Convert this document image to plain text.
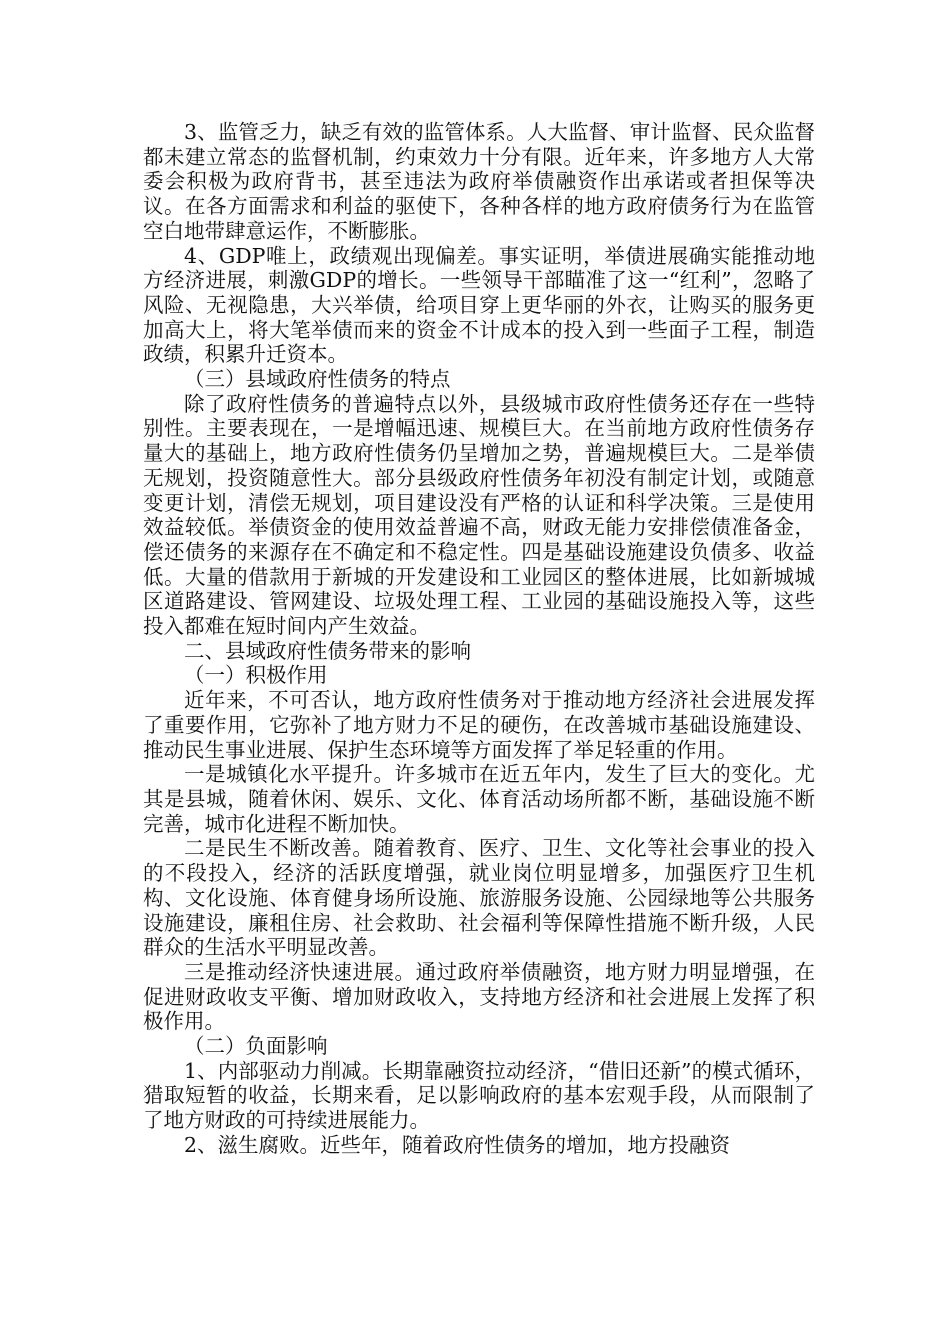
3、监管乏力，缺乏有效的监管体系。人大监督、审计监督、民众监督都未建立常态的监督机制，约束效力十分有限。近年来，许多地方人大常委会积极为政府背书，甚至违法为政府举债融资作出承诺或者担保等决议。在各方面需求和利益的驱使下，各种各样的地方政府债务行为在监管空白地带肆意运作，不断膨胀。

4、GDP唯上，政绩观出现偏差。事实证明，举债进展确实能推动地方经济进展，刺激GDP的增长。一些领导干部瞄准了这一“红利”，忽略了风险、无视隐患，大兴举债，给项目穿上更华丽的外衣，让购买的服务更加高大上，将大笔举债而来的资金不计成本的投入到一些面子工程，制造政绩，积累升迁资本。

（三）县域政府性债务的特点

除了政府性债务的普遍特点以外，县级城市政府性债务还存在一些特别性。主要表现在，一是增幅迅速、规模巨大。在当前地方政府性债务存量大的基础上，地方政府性债务仍呈增加之势，普遍规模巨大。二是举债无规划，投资随意性大。部分县级政府性债务年初没有制定计划，或随意变更计划，清偿无规划，项目建设没有严格的认证和科学决策。三是使用效益较低。举债资金的使用效益普遍不高，财政无能力安排偿债准备金，偿还债务的来源存在不确定和不稳定性。四是基础设施建设负债多、收益低。大量的借款用于新城的开发建设和工业园区的整体进展，比如新城城区道路建设、管网建设、垃圾处理工程、工业园的基础设施投入等，这些投入都难在短时间内产生效益。

二、县域政府性债务带来的影响

（一）积极作用

近年来，不可否认，地方政府性债务对于推动地方经济社会进展发挥了重要作用，它弥补了地方财力不足的硬伤，在改善城市基础设施建设、推动民生事业进展、保护生态环境等方面发挥了举足轻重的作用。

一是城镇化水平提升。许多城市在近五年内，发生了巨大的变化。尤其是县城，随着休闲、娱乐、文化、体育活动场所都不断，基础设施不断完善，城市化进程不断加快。

二是民生不断改善。随着教育、医疗、卫生、文化等社会事业的投入的不段投入，经济的活跃度增强，就业岗位明显增多，加强医疗卫生机构、文化设施、体育健身场所设施、旅游服务设施、公园绿地等公共服务设施建设，廉租住房、社会救助、社会福利等保障性措施不断升级，人民群众的生活水平明显改善。

三是推动经济快速进展。通过政府举债融资，地方财力明显增强，在促进财政收支平衡、增加财政收入，支持地方经济和社会进展上发挥了积极作用。

（二）负面影响

1、内部驱动力削减。长期靠融资拉动经济，“借旧还新”的模式循环，猎取短暂的收益，长期来看，足以影响政府的基本宏观手段，从而限制了了地方财政的可持续进展能力。

2、滋生腐败。近些年，随着政府性债务的增加，地方投融资
